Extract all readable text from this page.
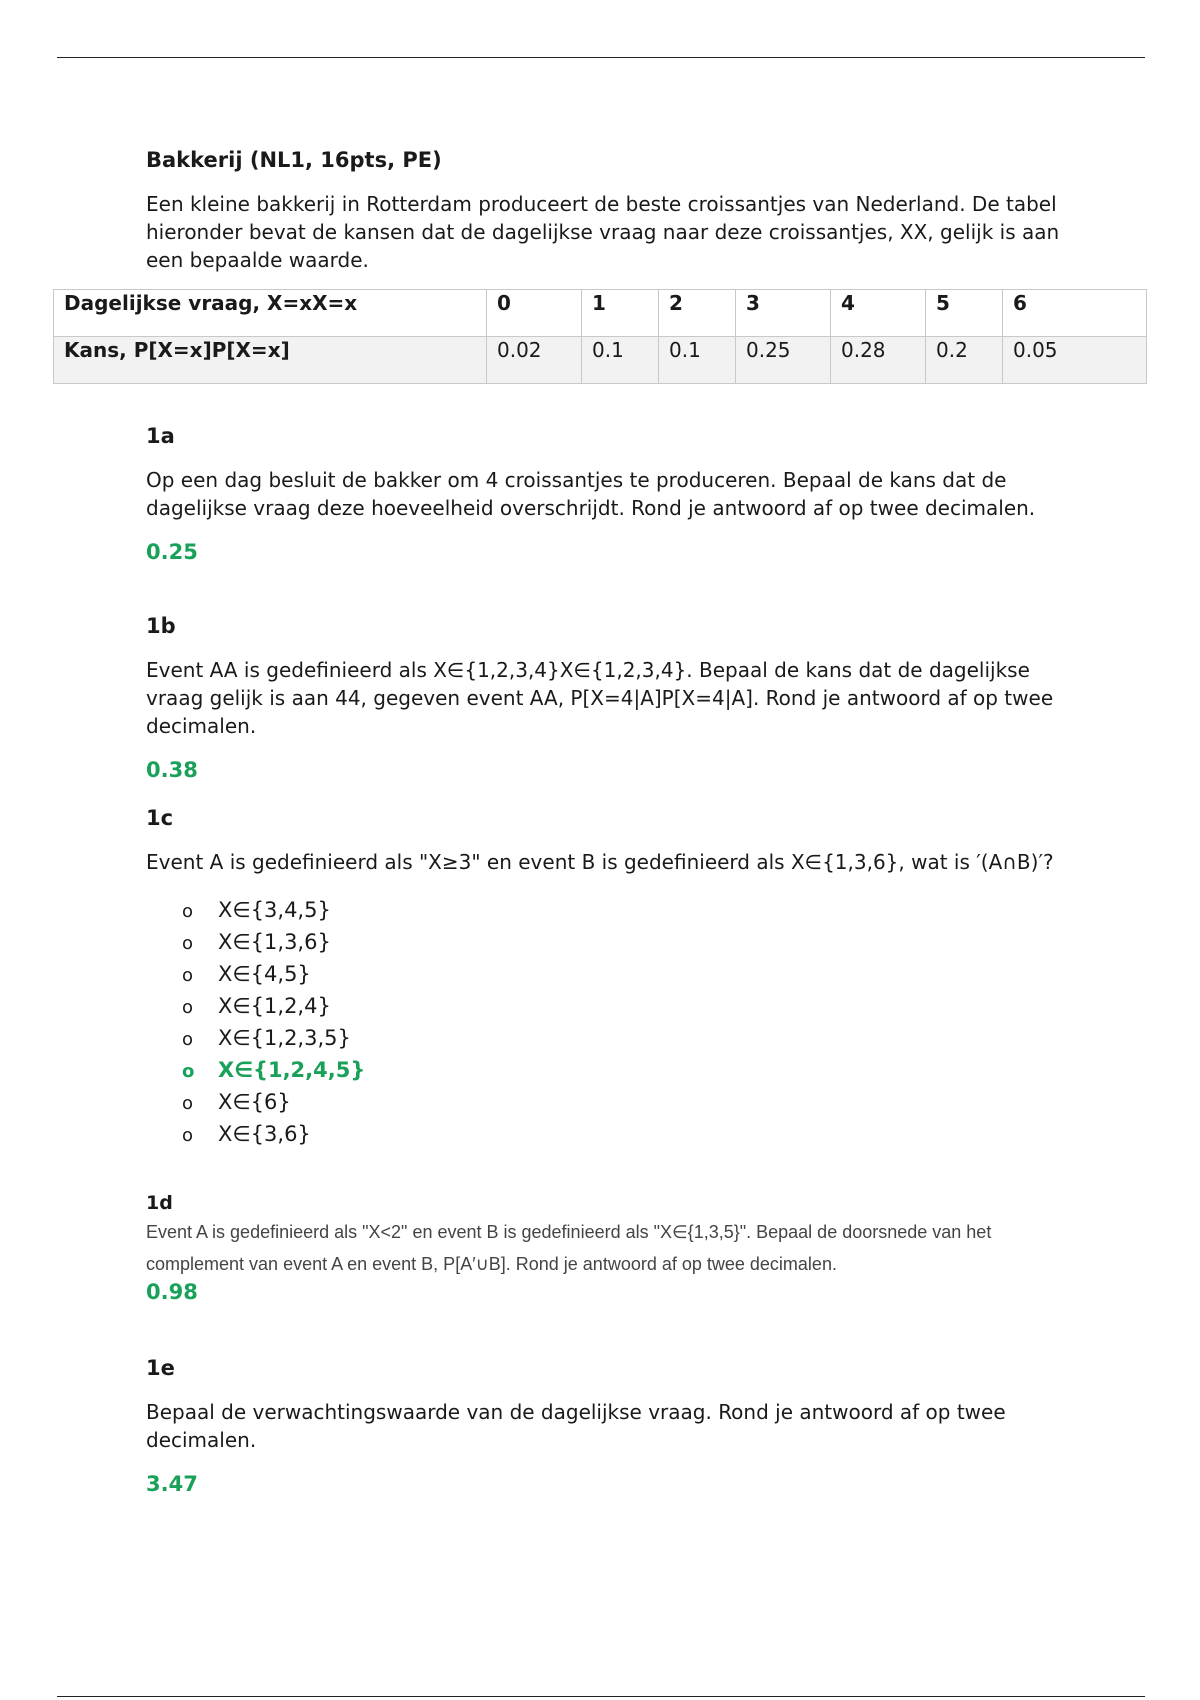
Bakkerij (NL1, 16pts, PE)

Een kleine bakkerij in Rotterdam produceert de beste croissantjes van Nederland. De tabel hieronder bevat de kansen dat de dagelijkse vraag naar deze croissantjes, XX, gelijk is aan een bepaalde waarde.

Dagelijkse vraag, X=xX=x	0	1	2	3	4	5	6
Kans, P[X=x]P[X=x]	0.02	0.1	0.1	0.25	0.28	0.2	0.05
1a

Op een dag besluit de bakker om 4 croissantjes te produceren. Bepaal de kans dat de dagelijkse vraag deze hoeveelheid overschrijdt. Rond je antwoord af op twee decimalen.

0.25
1b

Event AA is gedefinieerd als X∈{1,2,3,4}X∈{1,2,3,4}. Bepaal de kans dat de dagelijkse vraag gelijk is aan 44, gegeven event AA, P[X=4|A]P[X=4|A]. Rond je antwoord af op twee decimalen.

0.38
1c

Event A is gedefinieerd als "X≥3" en event B is gedefinieerd als X∈{1,3,6}, wat is ′(A∩B)′?

o X∈{3,4,5}
o X∈{1,3,6}
o X∈{4,5}
o X∈{1,2,4}
o X∈{1,2,3,5}
o X∈{1,2,4,5}
o X∈{6}
o X∈{3,6}
1d

Event A is gedefinieerd als "X<2" en event B is gedefinieerd als "X∈{1,3,5}". Bepaal de doorsnede van het complement van event A en event B, P[A′∪B]. Rond je antwoord af op twee decimalen.

0.98
1e

Bepaal de verwachtingswaarde van de dagelijkse vraag. Rond je antwoord af op twee decimalen.

3.47
